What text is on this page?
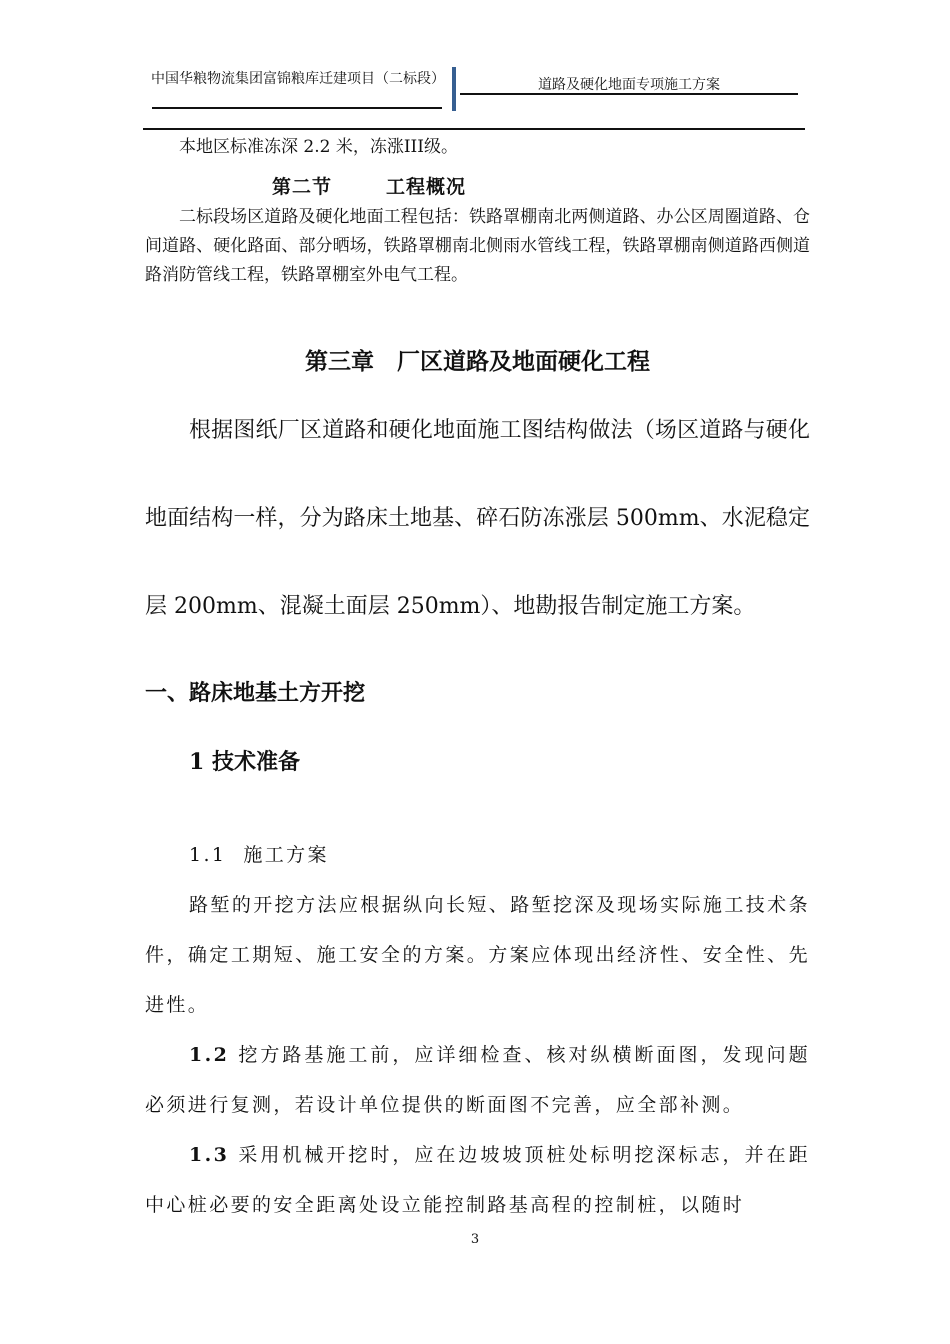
中国华粮物流集团富锦粮库迁建项目（二标段）	道路及硬化地面专项施工方案
本地区标准冻深 2.2 米，冻涨III级。
第二节	工程概况
二标段场区道路及硬化地面工程包括：铁路罩棚南北两侧道路、办公区周圈道路、仓间道路、硬化路面、部分晒场，铁路罩棚南北侧雨水管线工程，铁路罩棚南侧道路西侧道路消防管线工程，铁路罩棚室外电气工程。
第三章　厂区道路及地面硬化工程
根据图纸厂区道路和硬化地面施工图结构做法（场区道路与硬化地面结构一样，分为路床土地基、碎石防冻涨层 500mm、水泥稳定层 200mm、混凝土面层 250mm）、地勘报告制定施工方案。
一、路床地基土方开挖
1 技术准备
1.1 施工方案
路堑的开挖方法应根据纵向长短、路堑挖深及现场实际施工技术条件，确定工期短、施工安全的方案。方案应体现出经济性、安全性、先进性。
1.2 挖方路基施工前，应详细检查、核对纵横断面图，发现问题必须进行复测，若设计单位提供的断面图不完善，应全部补测。
1.3 采用机械开挖时，应在边坡坡顶桩处标明挖深标志，并在距中心桩必要的安全距离处设立能控制路基高程的控制桩，以随时
3
